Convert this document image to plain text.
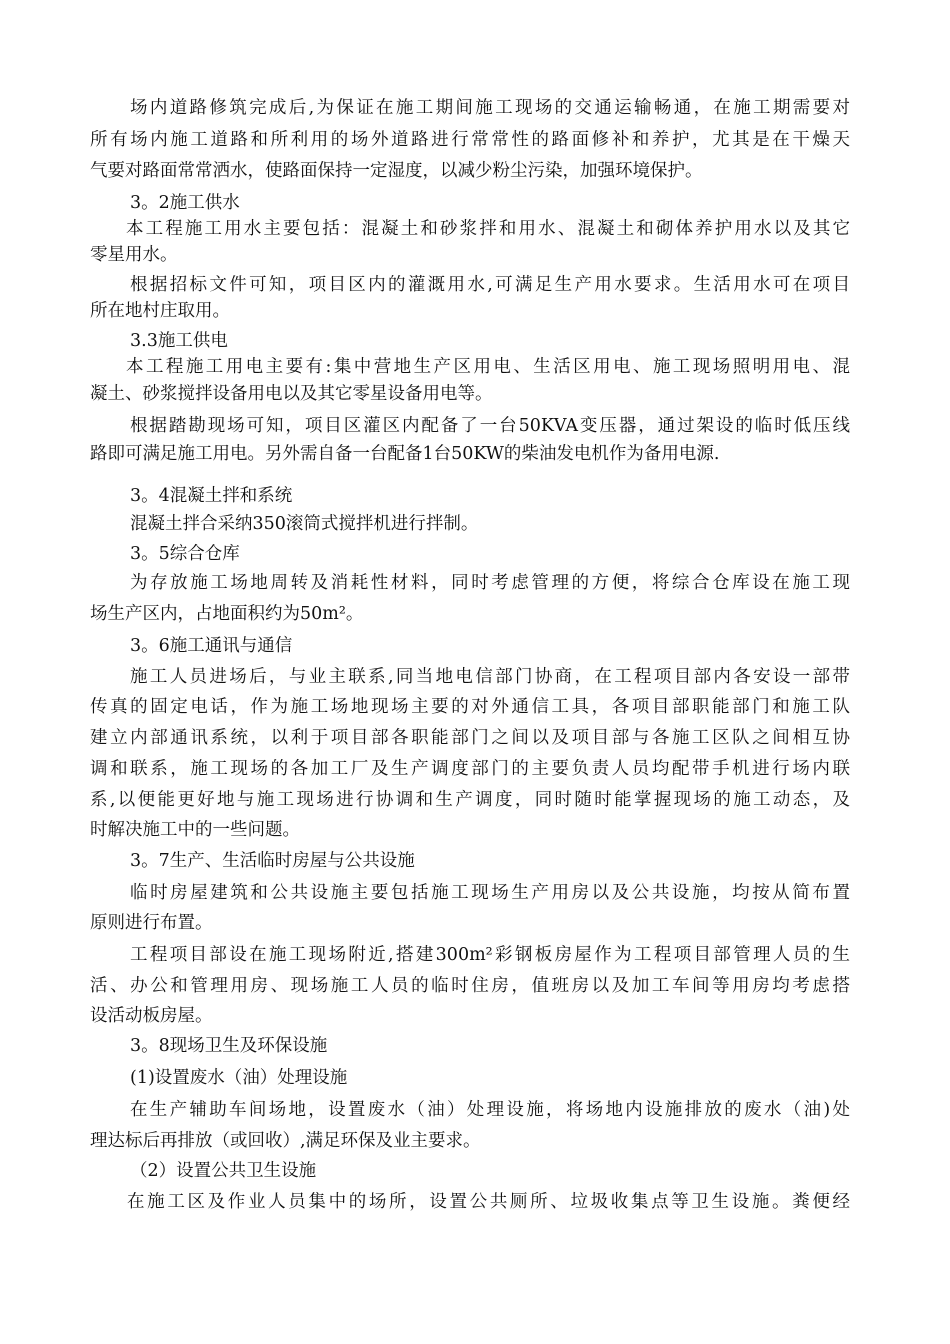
场内道路修筑完成后,为保证在施工期间施工现场的交通运输畅通，在施工期需要对
所有场内施工道路和所利用的场外道路进行常常性的路面修补和养护，尤其是在干燥天
气要对路面常常洒水，使路面保持一定湿度，以减少粉尘污染，加强环境保护。
3。2施工供水
本工程施工用水主要包括：混凝土和砂浆拌和用水、混凝土和砌体养护用水以及其它
零星用水。
根据招标文件可知，项目区内的灌溉用水,可满足生产用水要求。生活用水可在项目
所在地村庄取用。
3.3施工供电
本工程施工用电主要有:集中营地生产区用电、生活区用电、施工现场照明用电、混
凝土、砂浆搅拌设备用电以及其它零星设备用电等。
根据踏勘现场可知，项目区灌区内配备了一台50KVA变压器，通过架设的临时低压线
路即可满足施工用电。另外需自备一台配备1台50KW的柴油发电机作为备用电源.
3。4混凝土拌和系统
混凝土拌合采纳350滚筒式搅拌机进行拌制。
3。5综合仓库
为存放施工场地周转及消耗性材料，同时考虑管理的方便，将综合仓库设在施工现
场生产区内，占地面积约为50m²。
3。6施工通讯与通信
施工人员进场后，与业主联系,同当地电信部门协商，在工程项目部内各安设一部带
传真的固定电话，作为施工场地现场主要的对外通信工具，各项目部职能部门和施工队
建立内部通讯系统，以利于项目部各职能部门之间以及项目部与各施工区队之间相互协
调和联系，施工现场的各加工厂及生产调度部门的主要负责人员均配带手机进行场内联
系,以便能更好地与施工现场进行协调和生产调度，同时随时能掌握现场的施工动态，及
时解决施工中的一些问题。
3。7生产、生活临时房屋与公共设施
临时房屋建筑和公共设施主要包括施工现场生产用房以及公共设施，均按从简布置
原则进行布置。
工程项目部设在施工现场附近,搭建300m²彩钢板房屋作为工程项目部管理人员的生
活、办公和管理用房、现场施工人员的临时住房，值班房以及加工车间等用房均考虑搭
设活动板房屋。
3。8现场卫生及环保设施
(1)设置废水（油）处理设施
在生产辅助车间场地，设置废水（油）处理设施，将场地内设施排放的废水（油)处
理达标后再排放（或回收）,满足环保及业主要求。
（2）设置公共卫生设施
在施工区及作业人员集中的场所，设置公共厕所、垃圾收集点等卫生设施。粪便经
